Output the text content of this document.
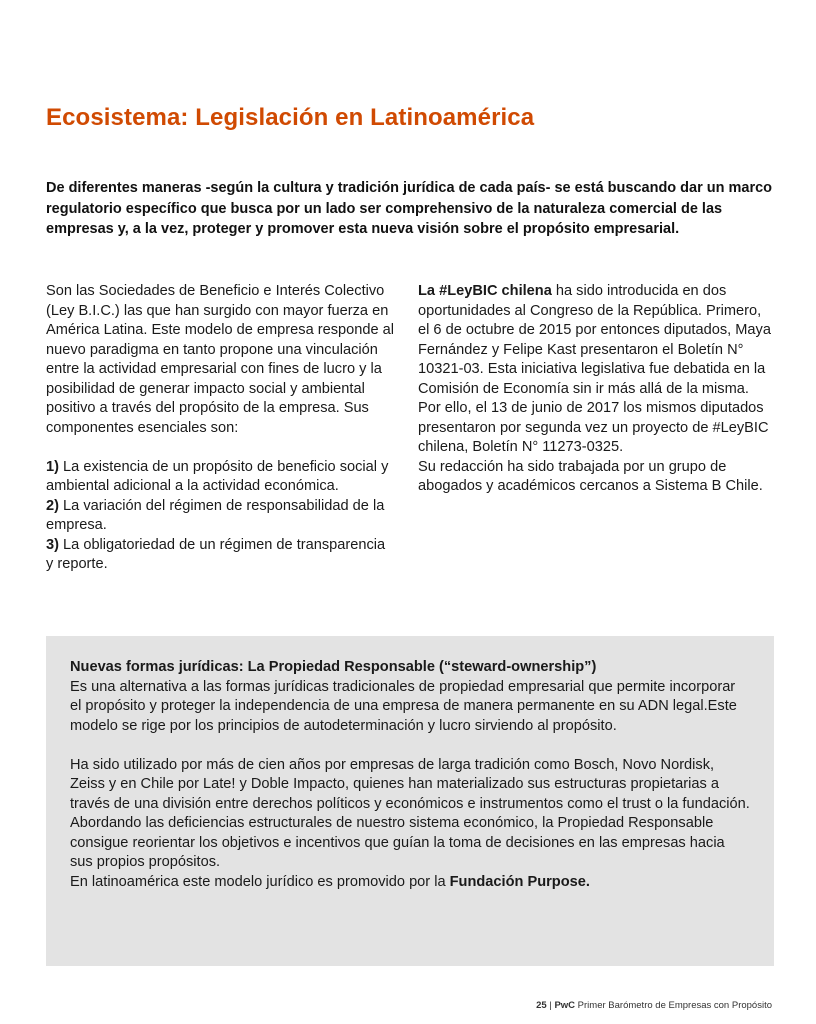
Ecosistema: Legislación en Latinoamérica
De diferentes maneras -según la cultura y tradición jurídica de cada país- se está buscando dar un marco regulatorio específico que busca por un lado ser comprehensivo de la naturaleza comercial de las empresas y, a la vez, proteger y promover esta nueva visión sobre el propósito empresarial.

Son las Sociedades de Beneficio e Interés Colectivo (Ley B.I.C.) las que han surgido con mayor fuerza en América Latina. Este modelo de empresa responde al nuevo paradigma en tanto propone una vinculación entre la actividad empresarial con fines de lucro y la posibilidad de generar impacto social y ambiental positivo a través del propósito de la empresa. Sus componentes esenciales son:

1) La existencia de un propósito de beneficio social y ambiental adicional a la actividad económica.

2) La variación del régimen de responsabilidad de la empresa.

3) La obligatoriedad de un régimen de transparencia y reporte.

La #LeyBIC chilena ha sido introducida en dos oportunidades al Congreso de la República. Primero, el 6 de octubre de 2015 por entonces diputados, Maya Fernández y Felipe Kast presentaron el Boletín N° 10321-03. Esta iniciativa legislativa fue debatida en la Comisión de Economía sin ir más allá de la misma. Por ello, el 13 de junio de 2017 los mismos diputados presentaron por segunda vez un proyecto de #LeyBIC chilena, Boletín N° 11273-0325.

Su redacción ha sido trabajada por un grupo de abogados y académicos cercanos a Sistema B Chile.

Nuevas formas jurídicas: La Propiedad Responsable (“steward-ownership”)

Es una alternativa a las formas jurídicas tradicionales de propiedad empresarial que permite incorporar el propósito y proteger la independencia de una empresa de manera permanente en su ADN legal.Este modelo se rige por los principios de autodeterminación y lucro sirviendo al propósito.

Ha sido utilizado por más de cien años por empresas de larga tradición como Bosch, Novo Nordisk, Zeiss y en Chile por Late! y Doble Impacto, quienes han materializado sus estructuras propietarias a través de una división entre derechos políticos y económicos e instrumentos como el trust o la fundación.

Abordando las deficiencias estructurales de nuestro sistema económico, la Propiedad Responsable consigue reorientar los objetivos e incentivos que guían la toma de decisiones en las empresas hacia sus propios propósitos.

En latinoamérica este modelo jurídico es promovido por la Fundación Purpose.

25 | PwC Primer Barómetro de Empresas con Propósito
